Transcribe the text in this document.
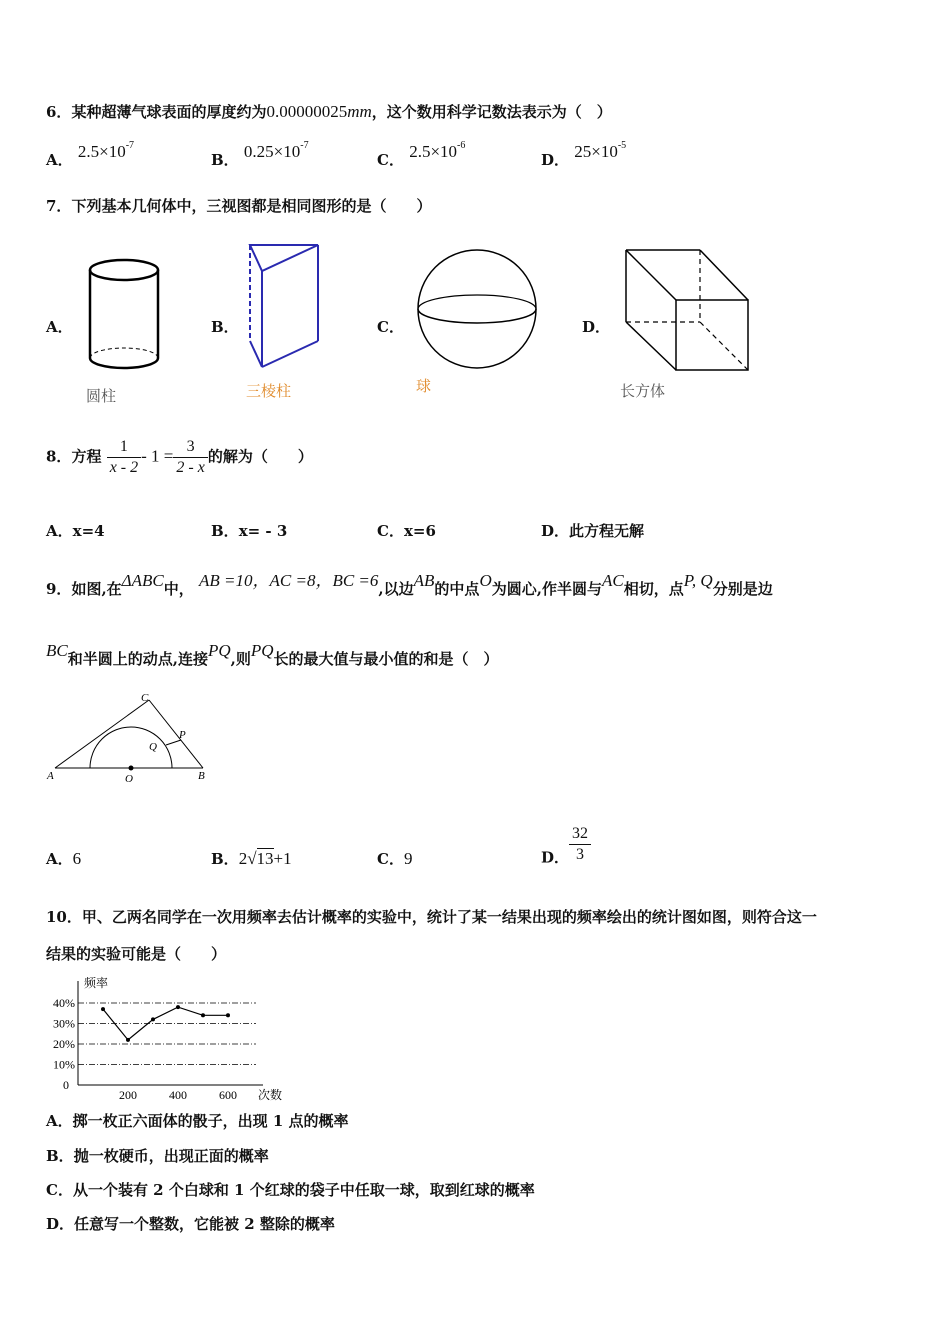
6．某种超薄气球表面的厚度约为0.00000025mm，这个数用科学记数法表示为（　）
A． $2.5\times 10^{-7}$
B． $0.25\times 10^{-7}$
C． $2.5\times 10^{-6}$
D． $25\times 10^{-5}$
7．下列基本几何体中，三视图都是相同图形的是（　　）
A．
圆柱
B．
三棱柱
C．
球
D．
长方体
8．方程 $\frac{1}{x - 2} - 1 = \frac{3}{2 - x}$ 的解为（　　）
A．x=4	B．x= - 3	C．x=6	D．此方程无解
9．如图,在ΔABC中， AB =10，AC =8，BC =6,以边AB的中点O为圆心,作半圆与AC相切，点P, Q分别是边
BC和半圆上的动点,连接PQ,则PQ长的最大值与最小值的和是（　）
A	B
C
O
P
Q
A．6	B．2√13+1	C．9	D． $\frac{32}{3}$
10．甲、乙两名同学在一次用频率去估计概率的实验中，统计了某一结果出现的频率绘出的统计图如图，则符合这一
结果的实验可能是（　　）
10%
20%
30%
40%
200	400	600
0
频率
次数
A．掷一枚正六面体的骰子，出现 1 点的概率
B．抛一枚硬币，出现正面的概率
C．从一个装有 2 个白球和 1 个红球的袋子中任取一球，取到红球的概率
D．任意写一个整数，它能被 2 整除的概率
